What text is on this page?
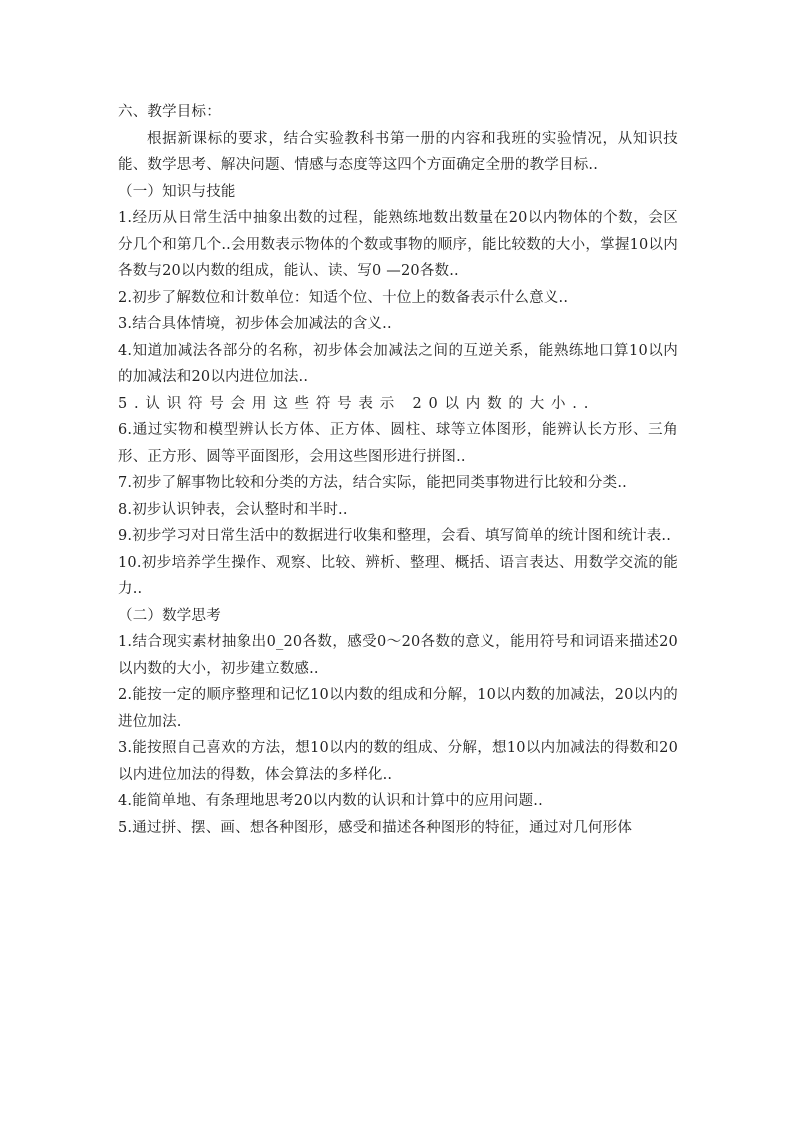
六、教学目标：

根据新课标的要求，结合实验教科书第一册的内容和我班的实验情况，从知识技能、数学思考、解决问题、情感与态度等这四个方面确定全册的教学目标..

（一）知识与技能

1.经历从日常生活中抽象出数的过程，能熟练地数出数量在20以内物体的个数，会区分几个和第几个..会用数表示物体的个数或事物的顺序，能比较数的大小，掌握10以内各数与20以内数的组成，能认、读、写0 —20各数..

2.初步了解数位和计数单位：知适个位、十位上的数备表示什么意义..

3.结合具体情境，初步体会加减法的含义..

4.知道加减法各部分的名称，初步体会加减法之间的互逆关系，能熟练地口算10以内的加减法和20以内进位加法..

5.认识符号会用这些符号表示 20以内数的大小..

6.通过实物和模型辨认长方体、正方体、圆柱、球等立体图形，能辨认长方形、三角形、正方形、圆等平面图形，会用这些图形进行拼图..

7.初步了解事物比较和分类的方法，结合实际，能把同类事物进行比较和分类..

8.初步认识钟表，会认整时和半时..

9.初步学习对日常生活中的数据进行收集和整理，会看、填写简单的统计图和统计表..

10.初步培养学生操作、观察、比较、辨析、整理、概括、语言表达、用数学交流的能力..

（二）数学思考

1.结合现实素材抽象出0_20各数，感受0～20各数的意义，能用符号和词语来描述20以内数的大小，初步建立数感..

2.能按一定的顺序整理和记忆10以内数的组成和分解，10以内数的加减法，20以内的进位加法.

3.能按照自己喜欢的方法，想10以内的数的组成、分解，想10以内加减法的得数和20以内进位加法的得数，体会算法的多样化..

4.能简单地、有条理地思考20以内数的认识和计算中的应用问题..

5.通过拼、摆、画、想各种图形，感受和描述各种图形的特征，通过对几何形体
